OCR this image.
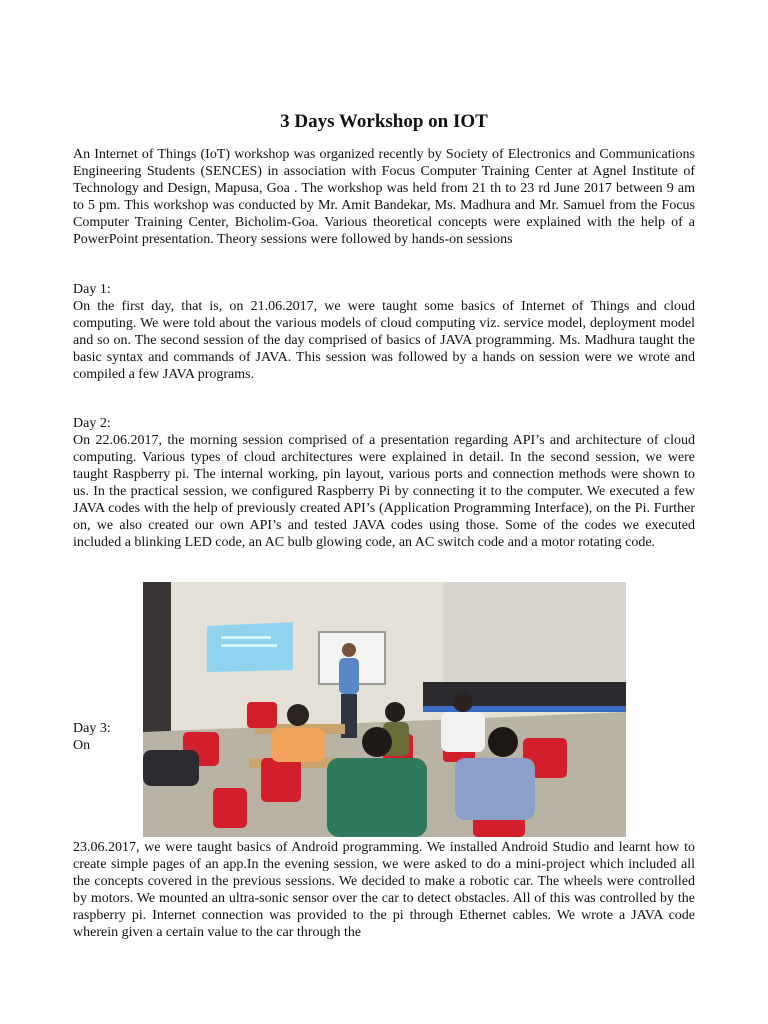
3 Days Workshop on IOT

An Internet of Things (IoT) workshop was organized recently by Society of Electronics and Communications Engineering Students (SENCES) in association with Focus Computer Training Center at Agnel Institute of Technology and Design, Mapusa, Goa . The workshop was held from 21 th to 23 rd June 2017 between 9 am to 5 pm. This workshop was conducted by Mr. Amit Bandekar, Ms. Madhura and Mr. Samuel from the Focus Computer Training Center, Bicholim-Goa. Various theoretical concepts were explained with the help of a PowerPoint presentation. Theory sessions were followed by hands-on sessions

Day 1:

On the first day, that is, on 21.06.2017, we were taught some basics of Internet of Things and cloud computing. We were told about the various models of cloud computing viz. service model, deployment model and so on. The second session of the day comprised of basics of JAVA programming. Ms. Madhura taught the basic syntax and commands of JAVA. This session was followed by a hands on session were we wrote and compiled a few JAVA programs.

Day 2:

On 22.06.2017, the morning session comprised of a presentation regarding API’s and architecture of cloud computing. Various types of cloud architectures were explained in detail. In the second session, we were taught Raspberry pi. The internal working, pin layout, various ports and connection methods were shown to us. In the practical session, we configured Raspberry Pi by connecting it to the computer. We executed a few JAVA codes with the help of previously created API’s (Application Programming Interface), on the Pi. Further on, we also created our own API’s and tested JAVA codes using those. Some of the codes we executed included a blinking LED code, an AC bulb glowing code, an AC switch code and a motor rotating code.

Day 3:
On

23.06.2017, we were taught basics of Android programming. We installed Android Studio and learnt how to create simple pages of an app.In the evening session, we were asked to do a mini-project which included all the concepts covered in the previous sessions. We decided to make a robotic car. The wheels were controlled by motors. We mounted an ultra-sonic sensor over the car to detect obstacles. All of this was controlled by the raspberry pi. Internet connection was provided to the pi through Ethernet cables. We wrote a JAVA code wherein given a certain value to the car through the
